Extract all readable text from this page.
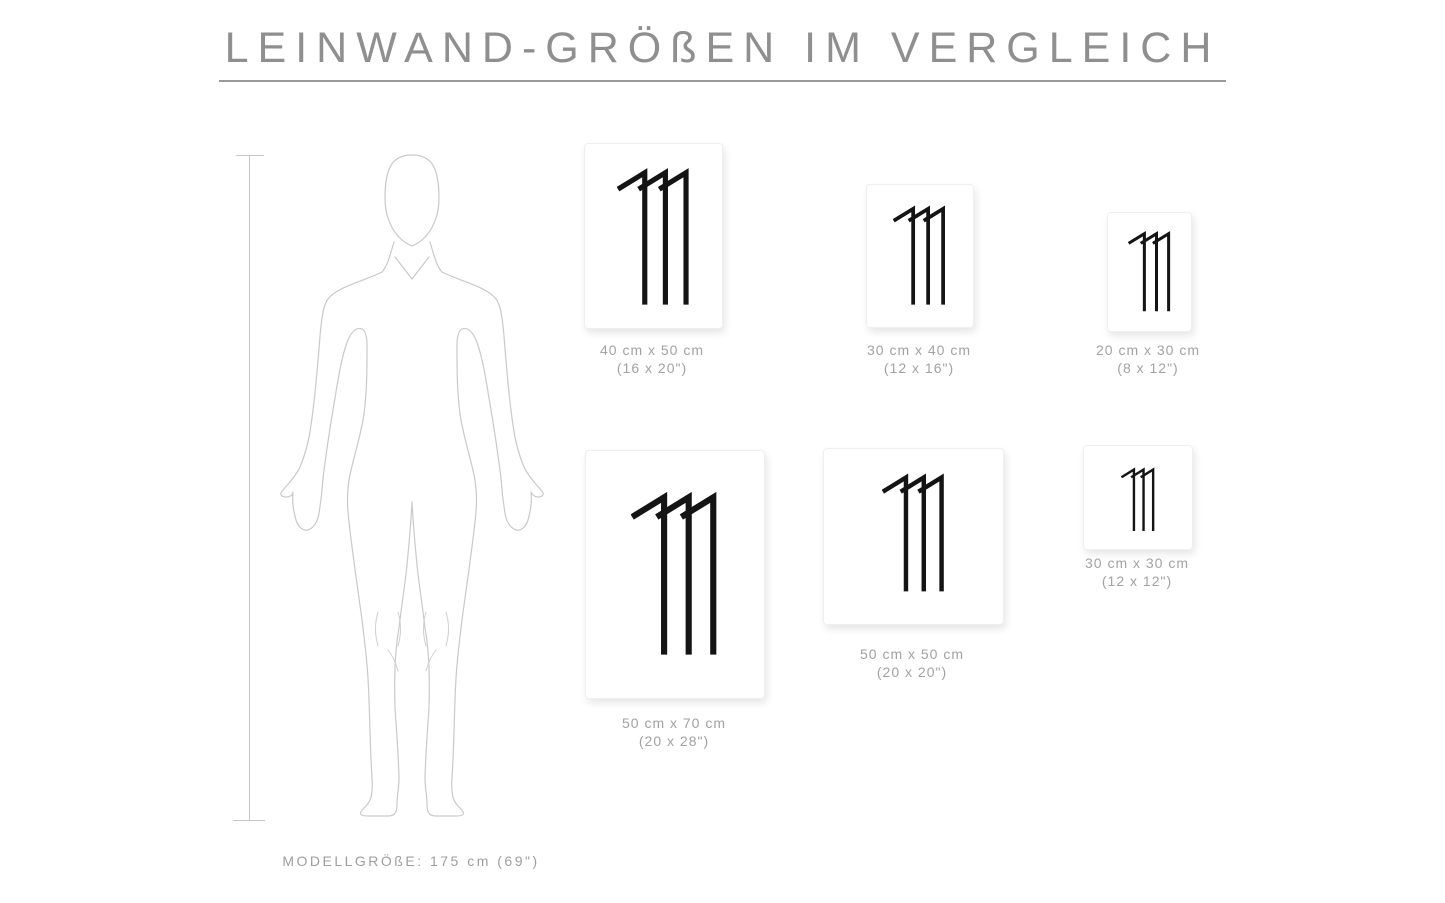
LEINWAND-GRÖßEN IM VERGLEICH
MODELLGRÖßE: 175 cm (69")
40 cm x 50 cm
(16 x 20")
30 cm x 40 cm
(12 x 16")
20 cm x 30 cm
(8 x 12")
50 cm x 70 cm
(20 x 28")
50 cm x 50 cm
(20 x 20")
30 cm x 30 cm
(12 x 12")
